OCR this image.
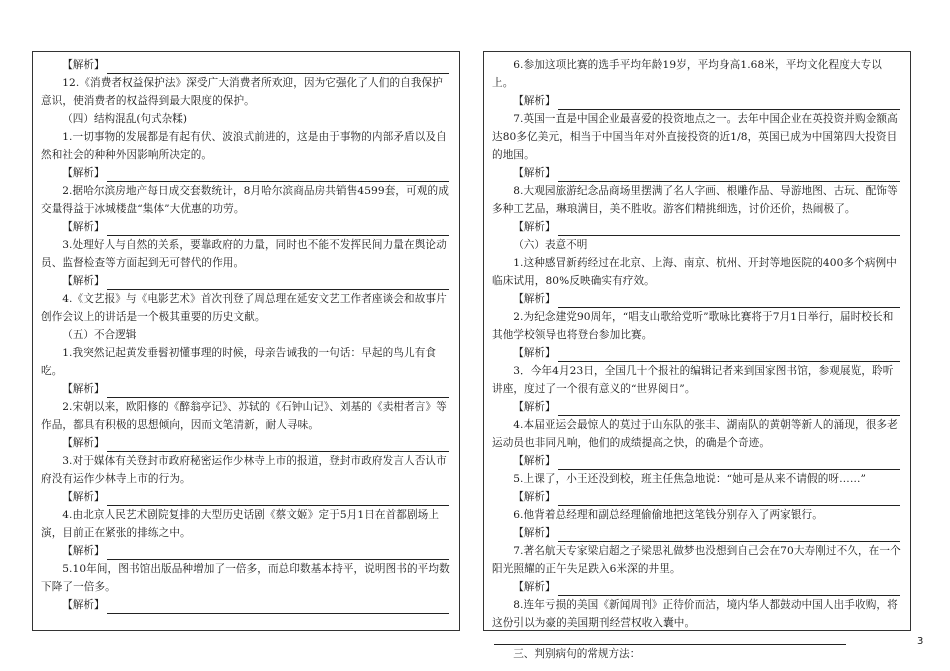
【解析】

12.《消费者权益保护法》深受广大消费者所欢迎，因为它强化了人们的自我保护意识，使消费者的权益得到最大限度的保护。

（四）结构混乱(句式杂糅)

1.一切事物的发展都是有起有伏、波浪式前进的，这是由于事物的内部矛盾以及自然和社会的种种外因影响所决定的。

【解析】

2.据哈尔滨房地产每日成交套数统计，8月哈尔滨商品房共销售4599套，可观的成交量得益于冰城楼盘“集体”大优惠的功劳。

【解析】

3.处理好人与自然的关系，要靠政府的力量，同时也不能不发挥民间力量在舆论动员、监督检查等方面起到无可替代的作用。

【解析】

4.《文艺报》与《电影艺术》首次刊登了周总理在延安文艺工作者座谈会和故事片创作会议上的讲话是一个极其重要的历史文献。

（五）不合逻辑

1.我突然记起黄发垂髫初懂事理的时候，母亲告诫我的一句话：早起的鸟儿有食吃。

【解析】

2.宋朝以来，欧阳修的《醉翁亭记》、苏轼的《石钟山记》、刘基的《卖柑者言》等作品，都具有积极的思想倾向，因而文笔清新，耐人寻味。

【解析】

3.对于媒体有关登封市政府秘密运作少林寺上市的报道，登封市政府发言人否认市府没有运作少林寺上市的行为。

【解析】

4.由北京人民艺术剧院复排的大型历史话剧《蔡文姬》定于5月1日在首都剧场上演，目前正在紧张的排练之中。

【解析】

5.10年间，图书馆出版品种增加了一倍多，而总印数基本持平，说明图书的平均数下降了一倍多。

【解析】

6.参加这项比赛的选手平均年龄19岁，平均身高1.68米，平均文化程度大专以上。

【解析】

7.英国一直是中国企业最喜爱的投资地点之一。去年中国企业在英投资并购金额高达80多亿美元，相当于中国当年对外直接投资的近1/8，英国已成为中国第四大投资目的地国。

【解析】

8.大观园旅游纪念品商场里摆满了名人字画、根雕作品、导游地图、古玩、配饰等多种工艺品，琳琅满目，美不胜收。游客们精挑细选，讨价还价，热闹极了。

【解析】

（六）表意不明

1.这种感冒新药经过在北京、上海、南京、杭州、开封等地医院的400多个病例中临床试用，80%反映确实有疗效。

【解析】

2.为纪念建党90周年，“唱支山歌给党听”歌咏比赛将于7月1日举行，届时校长和其他学校领导也将登台参加比赛。

【解析】

3．今年4月23日，全国几十个报社的编辑记者来到国家图书馆，参观展览，聆听讲座，度过了一个很有意义的“世界阅日”。

【解析】

4.本届亚运会最惊人的莫过于山东队的张丰、湖南队的黄朝等新人的涌现，很多老运动员也非同凡响，他们的成绩提高之快，的确是个奇迹。

【解析】

5.上课了，小王还没到校，班主任焦急地说：“她可是从来不请假的呀……”

【解析】

6.他背着总经理和副总经理偷偷地把这笔钱分别存入了两家银行。

【解析】

7.著名航天专家梁启超之子梁思礼做梦也没想到自己会在70大寿刚过不久，在一个阳光照耀的正午失足跌入6米深的井里。

【解析】

8.连年亏损的美国《新闻周刊》正待价而沽，境内华人都鼓动中国人出手收购，将这份引以为豪的美国期刊经营权收入囊中。

三、判别病句的常规方法：

3
